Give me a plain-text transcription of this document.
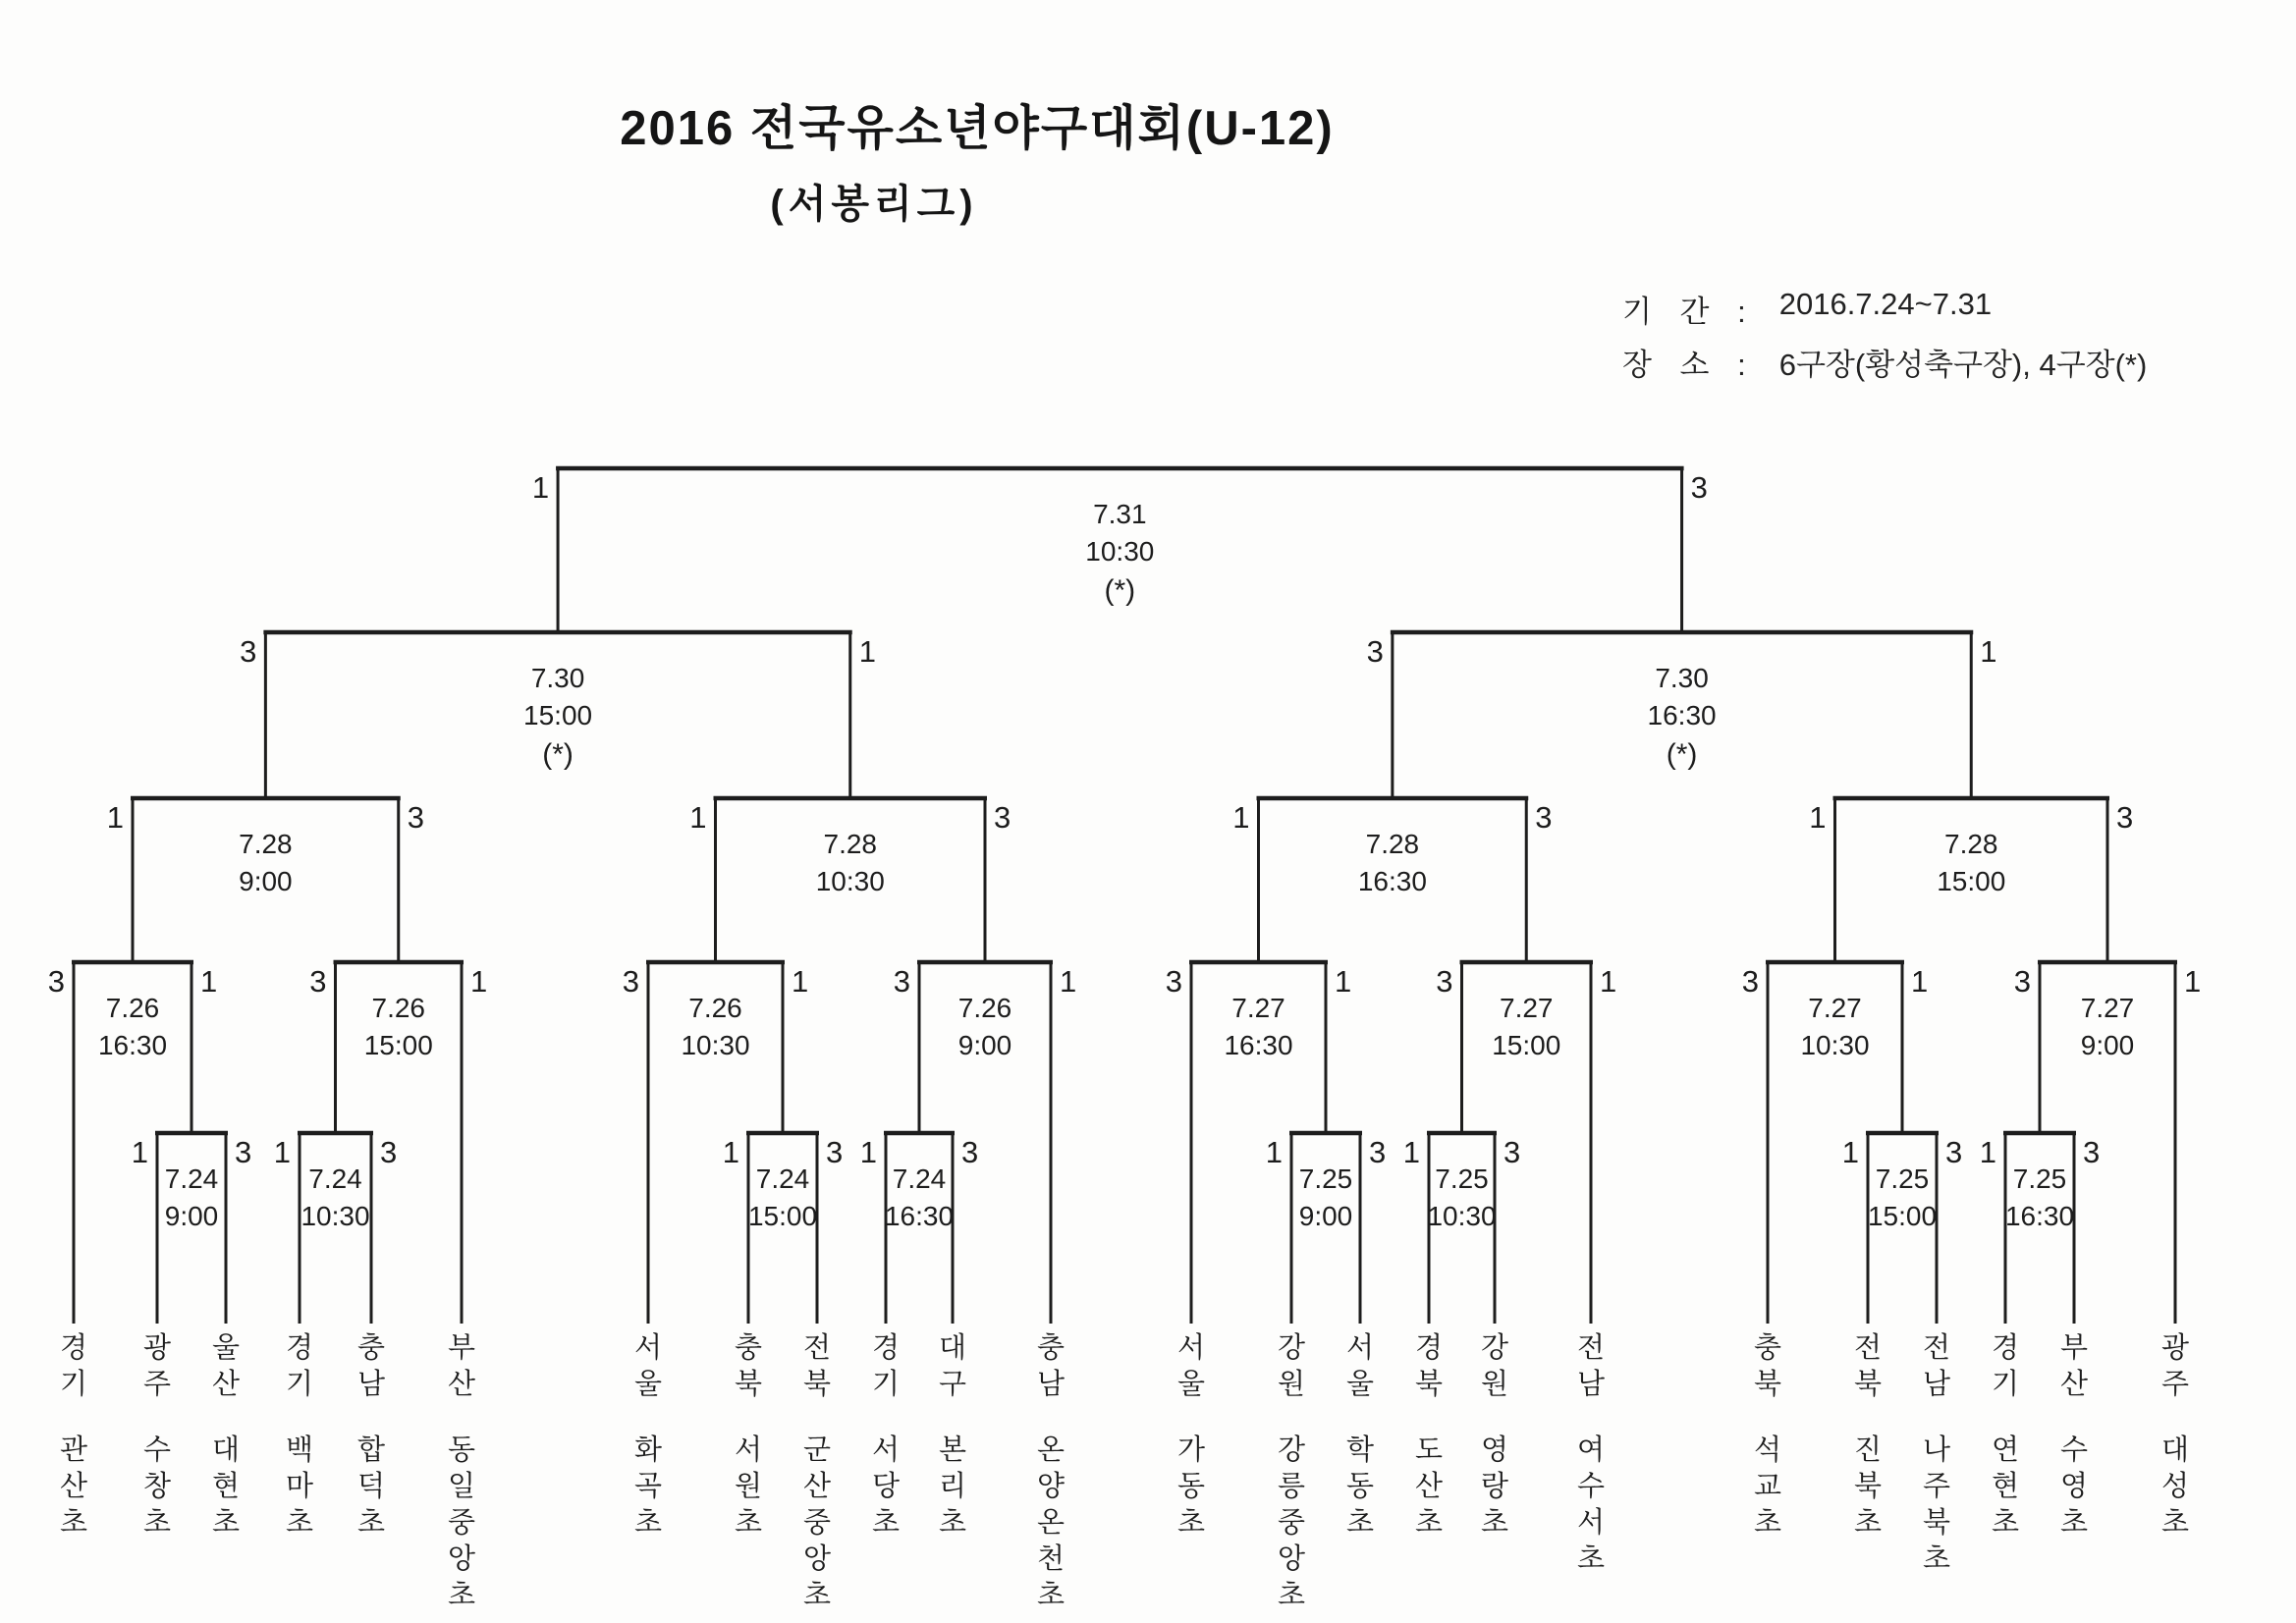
2016 전국유소년야구대회(U-12)
(서봉리그)
기 간 : 2016.7.24~7.31
장 소 : 6구장(황성축구장), 4구장(*)
1	3
7.24
9:00
1	3
7.24
10:30
1	3
7.24
15:00
1	3
7.24
16:30
1	3
7.25
9:00
1	3
7.25
10:30
1	3
7.25
15:00
1	3
7.25
16:30
3	1
7.26
16:30
3	1
7.26
15:00
3	1
7.26
10:30
3	1
7.26
9:00
3	1
7.27
16:30
3	1
7.27
15:00
3	1
7.27
10:30
3	1
7.27
9:00
1	3
7.28
9:00
1	3
7.28
10:30
1	3
7.28
16:30
1	3
7.28
15:00
3	1
7.30
15:00
(*)
3	1
7.30
16:30
(*)
1	3
7.31
10:30
(*)
경
기
관
산
초
광
주
수
창
초
울
산
대
현
초
경
기
백
마
초
충
남
합
덕
초
부
산
동
일
중
앙
초
서
울
화
곡
초
충
북
서
원
초
전
북
군
산
중
앙
초
경
기
서
당
초
대
구
본
리
초
충
남
온
양
온
천
초
서
울
가
동
초
강
원
강
릉
중
앙
초
서
울
학
동
초
경
북
도
산
초
강
원
영
랑
초
전
남
여
수
서
초
충
북
석
교
초
전
북
진
북
초
전
남
나
주
북
초
경
기
연
현
초
부
산
수
영
초
광
주
대
성
초
